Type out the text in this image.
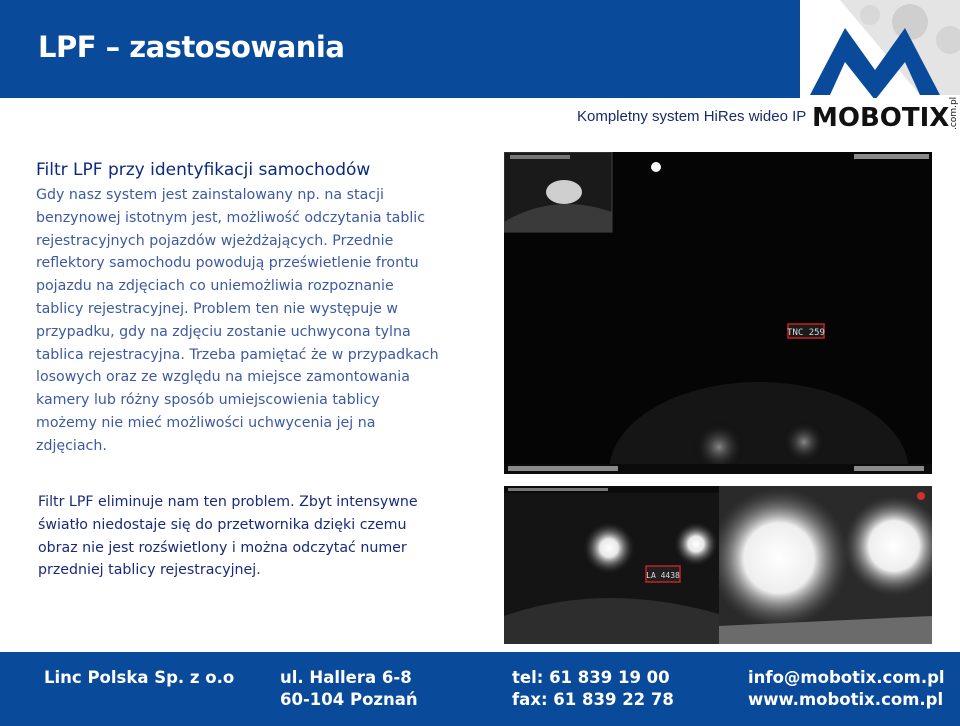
LPF – zastosowania
MOBOTIX .com.pl
Kompletny system HiRes wideo IP
Filtr LPF przy identyfikacji samochodów
Gdy nasz system jest zainstalowany np. na stacji
benzynowej istotnym jest, możliwość odczytania tablic
rejestracyjnych pojazdów wjeżdżających. Przednie
reflektory samochodu powodują prześwietlenie frontu
pojazdu na zdjęciach co uniemożliwia rozpoznanie
tablicy rejestracyjnej. Problem ten nie występuje w
przypadku, gdy na zdjęciu zostanie uchwycona tylna
tablica rejestracyjna. Trzeba pamiętać że w przypadkach
losowych oraz ze względu na miejsce zamontowania
kamery lub różny sposób umiejscowienia tablicy
możemy nie mieć możliwości uchwycenia jej na
zdjęciach.
Filtr LPF eliminuje nam ten problem. Zbyt intensywne
światło niedostaje się do przetwornika dzięki czemu
obraz nie jest rozświetlony i można odczytać numer
przedniej tablicy rejestracyjnej.
TNC 259
LA 4438
Linc Polska Sp. z o.o	ul. Hallera 6-8
60-104 Poznań
tel: 61 839 19 00
fax: 61 839 22 78
info@mobotix.com.pl
www.mobotix.com.pl
